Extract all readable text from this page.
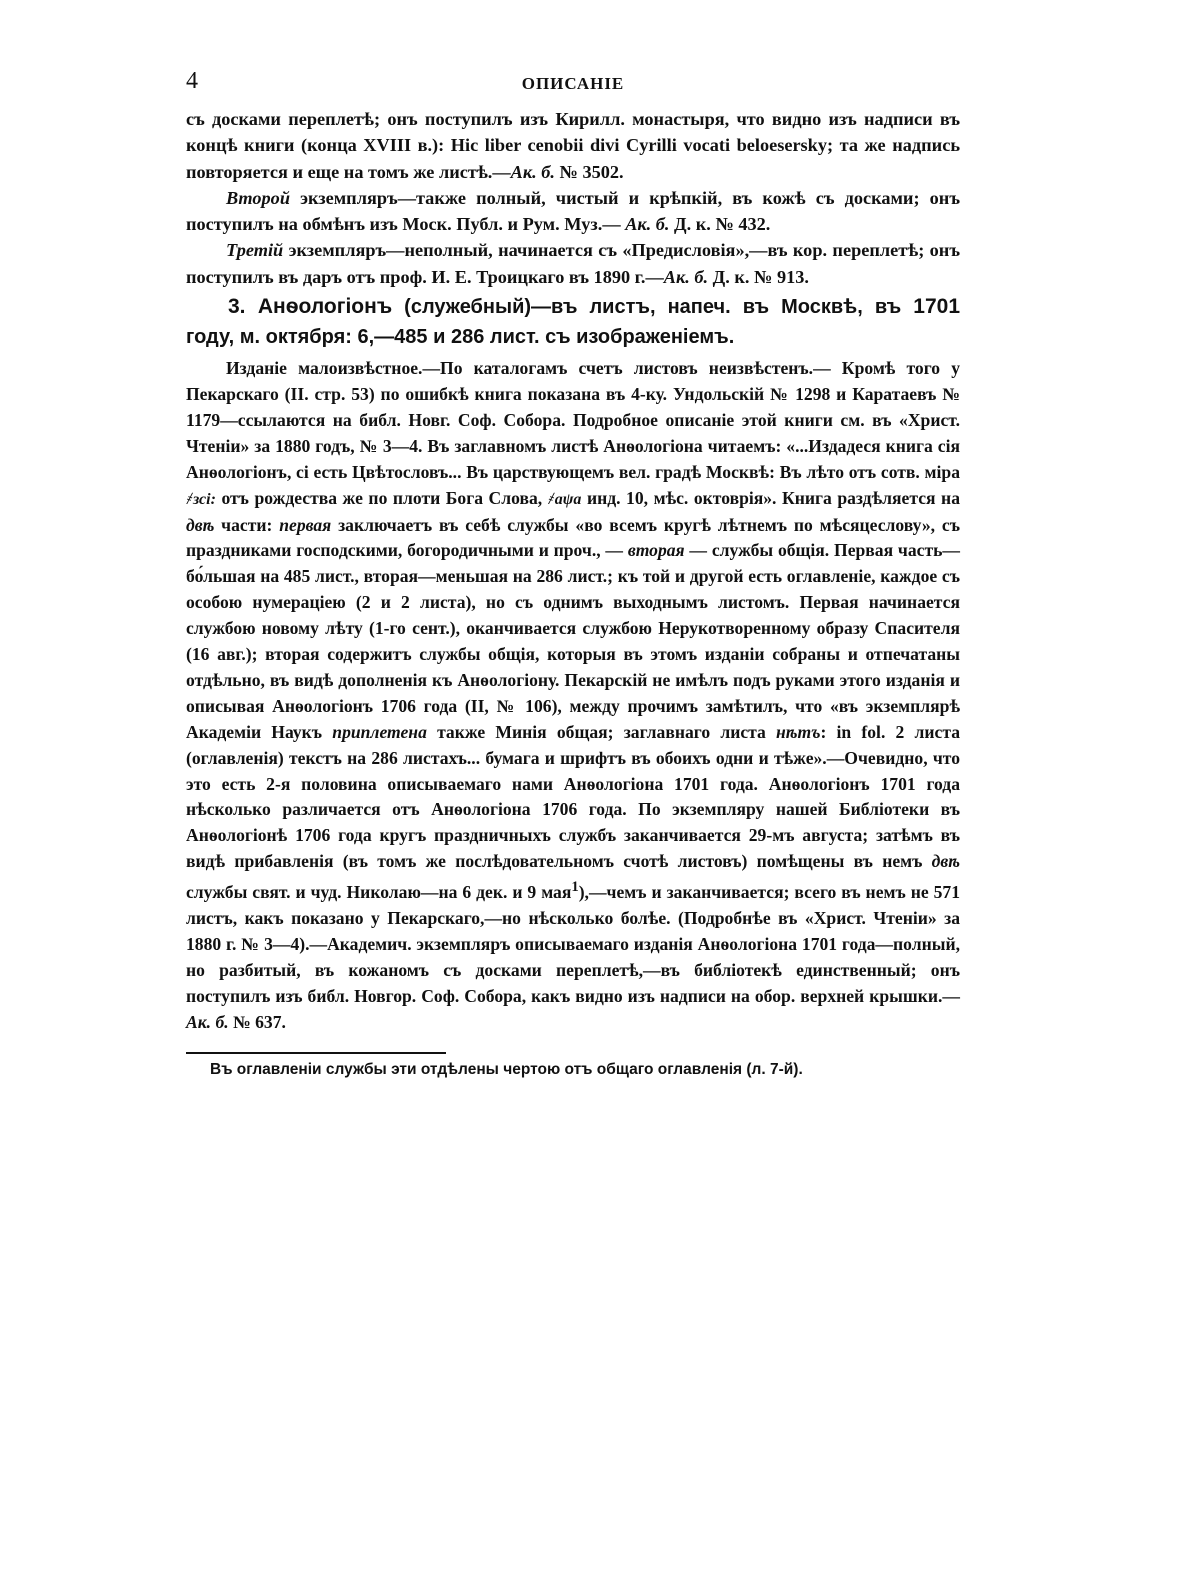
4	ОПИСАНІЕ

съ досками переплетѣ; онъ поступилъ изъ Кирилл. монастыря, что видно изъ надписи въ концѣ книги (конца XVIII в.): Hic liber cenobii divi Cyrilli vocati beloesersky; та же надпись повторяется и еще на томъ же листѣ.—Ак. б. № 3502.

Второй экземпляръ—также полный, чистый и крѣпкій, въ кожѣ съ досками; онъ поступилъ на обмѣнъ изъ Моск. Публ. и Рум. Муз.— Ак. б. Д. к. № 432.

Третій экземпляръ—неполный, начинается съ «Предисловія»,—въ кор. переплетѣ; онъ поступилъ въ даръ отъ проф. И. Е. Троицкаго въ 1890 г.—Ак. б. Д. к. № 913.

3. Анѳологіонъ (служебный)—въ листъ, напеч. въ Москвѣ, въ 1701 году, м. октября: 6,—485 и 286 лист. съ изображеніемъ.

Изданіе малоизвѣстное.—По каталогамъ счетъ листовъ неизвѣстенъ.— Кромѣ того у Пекарскаго (II. стр. 53) по ошибкѣ книга показана въ 4-ку. Ундольскій № 1298 и Каратаевъ № 1179—ссылаются на библ. Новг. Соф. Собора. Подробное описаніе этой книги см. въ «Христ. Чтеніи» за 1880 годъ, № 3—4. Въ заглавномъ листѣ Анѳологіона читаемъ: «...Издадеся книга сія Анѳологіонъ, сі есть Цвѣтословъ... Въ царствующемъ вел. градѣ Москвѣ: Въ лѣто отъ сотв. міра ҂зсі: отъ рождества же по плоти Бога Слова, ҂аψа инд. 10, мѣс. октоврія». Книга раздѣляется на двѣ части: первая заключаетъ въ себѣ службы «во всемъ кругѣ лѣтнемъ по мѣсяцеслову», съ праздниками господскими, богородичными и проч., — вторая — службы общія. Первая часть—бо́льшая на 485 лист., вторая—меньшая на 286 лист.; къ той и другой есть оглавленіе, каждое съ особою нумераціею (2 и 2 листа), но съ однимъ выходнымъ листомъ. Первая начинается службою новому лѣту (1-го сент.), оканчивается службою Нерукотворенному образу Спасителя (16 авг.); вторая содержитъ службы общія, которыя въ этомъ изданіи собраны и отпечатаны отдѣльно, въ видѣ дополненія къ Анѳологіону. Пекарскій не имѣлъ подъ руками этого изданія и описывая Анѳологіонъ 1706 года (II, № 106), между прочимъ замѣтилъ, что «въ экземплярѣ Академіи Наукъ приплетена также Минія общая; заглавнаго листа нѣтъ: in fol. 2 листа (оглавленія) текстъ на 286 листахъ... бумага и шрифтъ въ обоихъ одни и тѣже».—Очевидно, что это есть 2-я половина описываемаго нами Анѳологіона 1701 года. Анѳологіонъ 1701 года нѣсколько различается отъ Анѳологіона 1706 года. По экземпляру нашей Библіотеки въ Анѳологіонѣ 1706 года кругъ праздничныхъ службъ заканчивается 29-мъ августа; затѣмъ въ видѣ прибавленія (въ томъ же послѣдовательномъ счотѣ листовъ) помѣщены въ немъ двѣ службы свят. и чуд. Николаю—на 6 дек. и 9 мая$^1$),—чемъ и заканчивается; всего въ немъ не 571 листъ, какъ показано у Пекарскаго,—но нѣсколько болѣе. (Подробнѣе въ «Христ. Чтеніи» за 1880 г. № 3—4).—Академич. экземпляръ описываемаго изданія Анѳологіона 1701 года—полный, но разбитый, въ кожаномъ съ досками переплетѣ,—въ библіотекѣ единственный; онъ поступилъ изъ библ. Новгор. Соф. Собора, какъ видно изъ надписи на обор. верхней крышки.— Ак. б. № 637.

Въ оглавленіи службы эти отдѣлены чертою отъ общаго оглавленія (л. 7-й).
